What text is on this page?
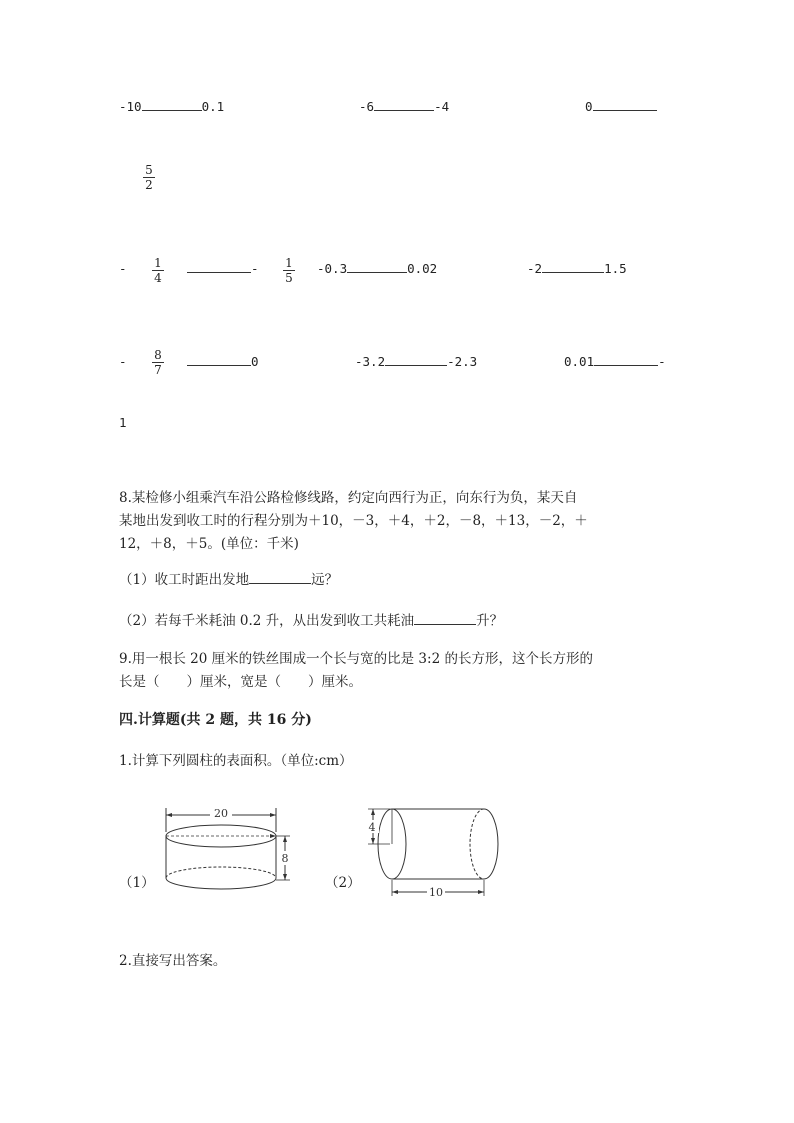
-10	0.1	-6	-4	0
5
2
- 1
4
- 1
5
-0.3	0.02	-2	1.5
- 8
7
0	-3.2	-2.3	0.01	-
1
8.某检修小组乘汽车沿公路检修线路，约定向西行为正，向东行为负，某天自
某地出发到收工时的行程分别为＋10，－3，＋4，＋2，－8，＋13，－2，＋
12，＋8，＋5。(单位：千米)
（1）收工时距出发地	远？
（2）若每千米耗油 0.2 升，从出发到收工共耗油	升？
9.用一根长 20 厘米的铁丝围成一个长与宽的比是 3:2 的长方形，这个长方形的
长是（　　）厘米，宽是（　　）厘米。
四.计算题(共 2 题，共 16 分)
1.计算下列圆柱的表面积。（单位:cm）
（1）
20
8
（2）
4
10
2.直接写出答案。
